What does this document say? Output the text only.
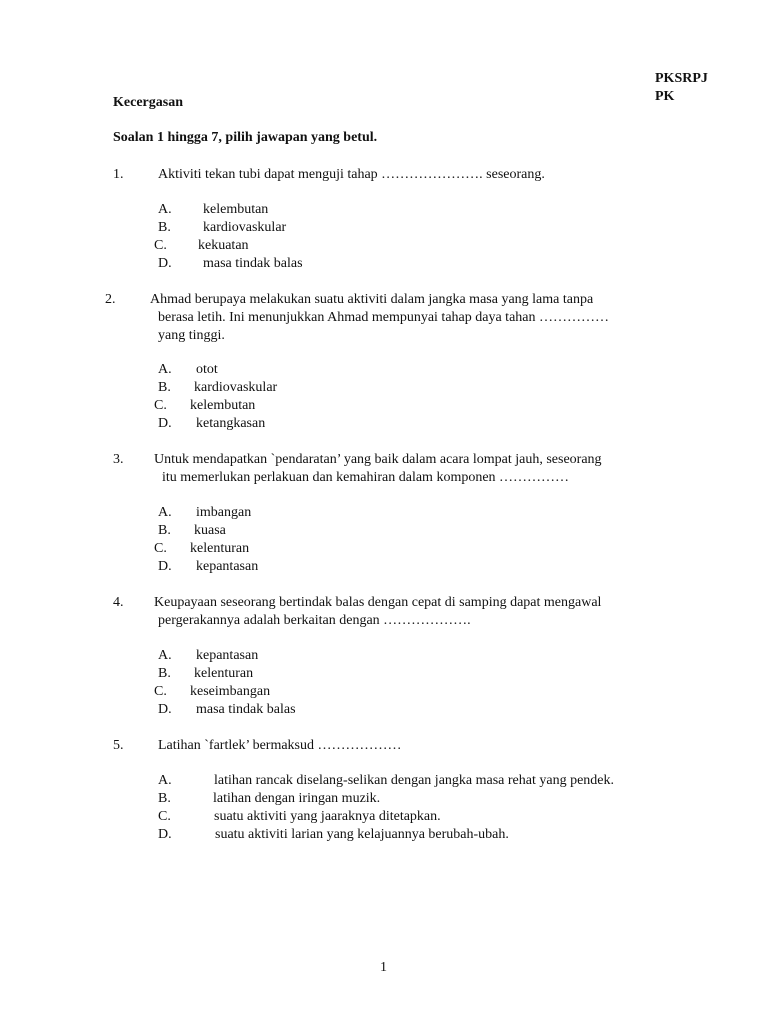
PKSRPJ
PK
Kecergasan
Soalan 1 hingga 7, pilih jawapan yang betul.
1. Aktiviti tekan tubi dapat menguji tahap …………………. seseorang.
A. kelembutan
B. kardiovaskular
C. kekuatan
D. masa tindak balas
2. Ahmad berupaya melakukan suatu aktiviti dalam jangka masa yang lama tanpa
berasa letih. Ini menunjukkan Ahmad mempunyai tahap daya tahan ……………
yang tinggi.
A. otot
B. kardiovaskular
C. kelembutan
D. ketangkasan
3. Untuk mendapatkan `pendaratan’ yang baik dalam acara lompat jauh, seseorang
itu memerlukan perlakuan dan kemahiran dalam komponen ……………
A. imbangan
B. kuasa
C. kelenturan
D. kepantasan
4. Keupayaan seseorang bertindak balas dengan cepat di samping dapat mengawal
pergerakannya adalah berkaitan dengan ……………….
A. kepantasan
B. kelenturan
C. keseimbangan
D. masa tindak balas
5. Latihan `fartlek’ bermaksud ………………
A.	latihan rancak diselang-selikan dengan jangka masa rehat yang pendek.
B.	latihan dengan iringan muzik.
C.	suatu aktiviti yang jaaraknya ditetapkan.
D.	suatu aktiviti larian yang kelajuannya berubah-ubah.
1
